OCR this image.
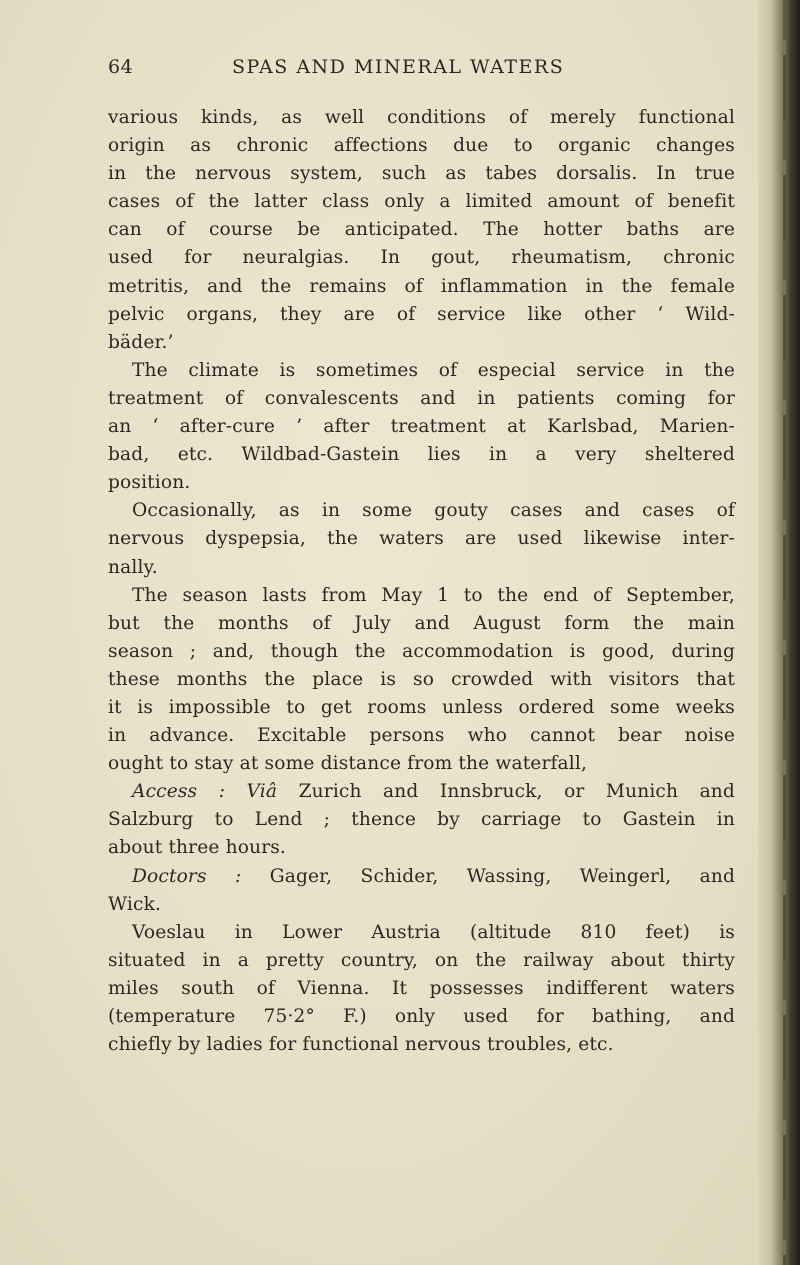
64	SPAS AND MINERAL WATERS
various kinds, as well conditions of merely functional
origin as chronic affections due to organic changes
in the nervous system, such as tabes dorsalis. In true
cases of the latter class only a limited amount of benefit
can of course be anticipated. The hotter baths are
used for neuralgias. In gout, rheumatism, chronic
metritis, and the remains of inflammation in the female
pelvic organs, they are of service like other ‘ Wild-
bäder.’
The climate is sometimes of especial service in the
treatment of convalescents and in patients coming for
an ‘ after-cure ’ after treatment at Karlsbad, Marien-
bad, etc. Wildbad-Gastein lies in a very sheltered
position.
Occasionally, as in some gouty cases and cases of
nervous dyspepsia, the waters are used likewise inter-
nally.
The season lasts from May 1 to the end of September,
but the months of July and August form the main
season ; and, though the accommodation is good, during
these months the place is so crowded with visitors that
it is impossible to get rooms unless ordered some weeks
in advance. Excitable persons who cannot bear noise
ought to stay at some distance from the waterfall,
Access : Viâ Zurich and Innsbruck, or Munich and
Salzburg to Lend ; thence by carriage to Gastein in
about three hours.
Doctors : Gager, Schider, Wassing, Weingerl, and
Wick.
Voeslau in Lower Austria (altitude 810 feet) is
situated in a pretty country, on the railway about thirty
miles south of Vienna. It possesses indifferent waters
(temperature 75·2° F.) only used for bathing, and
chiefly by ladies for functional nervous troubles, etc.
